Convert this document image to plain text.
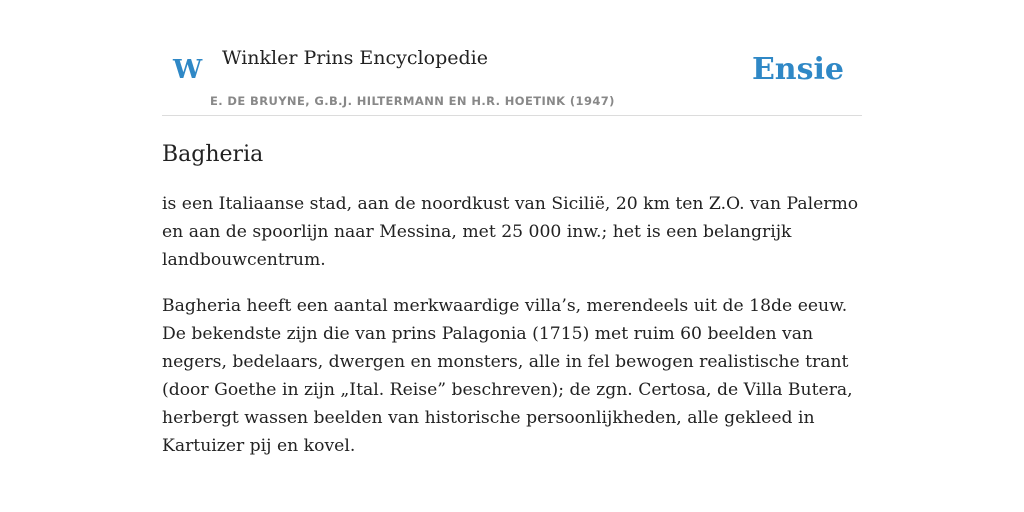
W Winkler Prins Encyclopedie
E. DE BRUYNE, G.B.J. HILTERMANN EN H.R. HOETINK (1947)
Ensie
Bagheria

is een Italiaanse stad, aan de noordkust van Sicilië, 20 km ten Z.O. van Palermo en aan de spoorlijn naar Messina, met 25 000 inw.; het is een belangrijk landbouwcentrum.

Bagheria heeft een aantal merkwaardige villa’s, merendeels uit de 18de eeuw. De bekendste zijn die van prins Palagonia (1715) met ruim 60 beelden van negers, bedelaars, dwergen en monsters, alle in fel bewogen realistische trant (door Goethe in zijn „Ital. Reise” beschreven); de zgn. Certosa, de Villa Butera, herbergt wassen beelden van historische persoonlijkheden, alle gekleed in Kartuizer pij en kovel.
